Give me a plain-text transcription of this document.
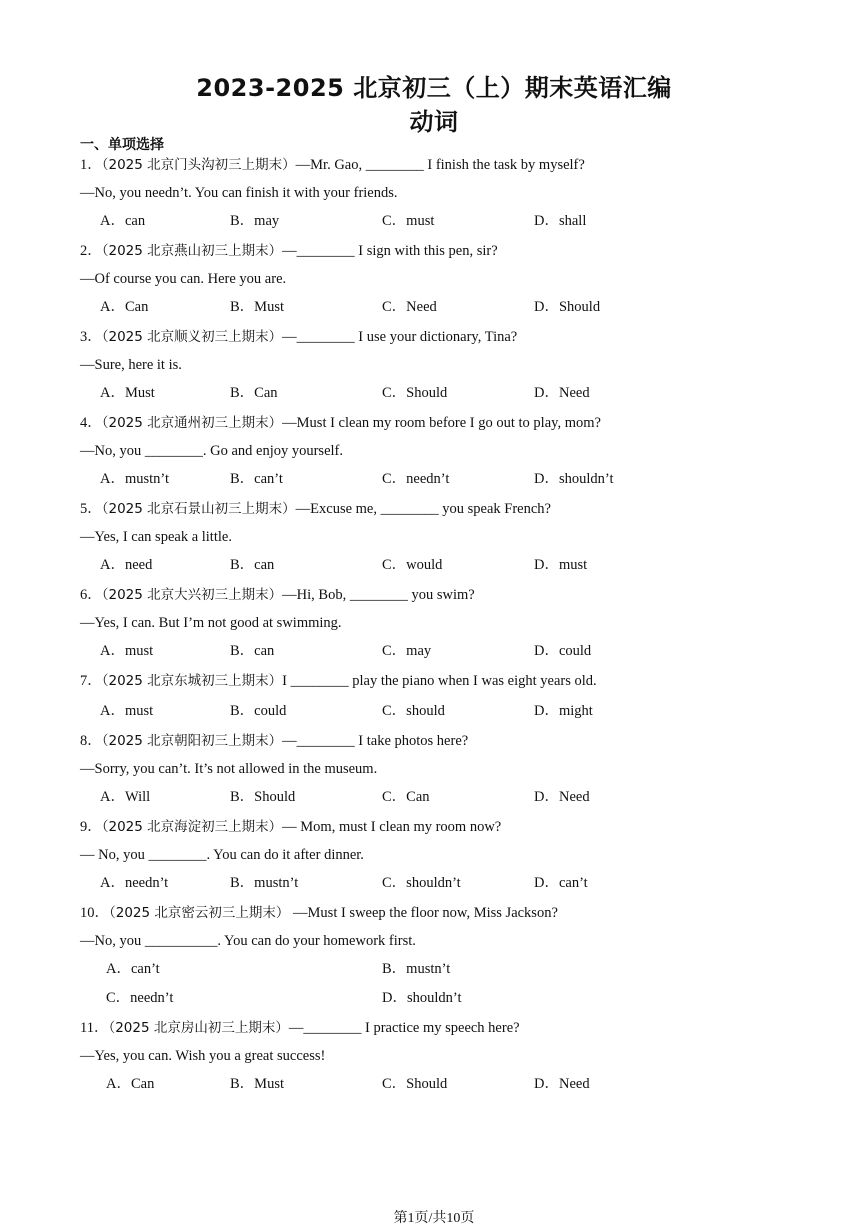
2023-2025 北京初三（上）期末英语汇编
动词
一、单项选择
1．（2025 北京门头沟初三上期末）—Mr. Gao, ________ I finish the task by myself?
—No, you needn’t. You can finish it with your friends.
A．can	B．may	C．must	D．shall
2．（2025 北京燕山初三上期末）—________ I sign with this pen, sir?
—Of course you can. Here you are.
A．Can	B．Must	C．Need	D．Should
3．（2025 北京顺义初三上期末）—________ I use your dictionary, Tina?
—Sure, here it is.
A．Must	B．Can	C．Should	D．Need
4．（2025 北京通州初三上期末）—Must I clean my room before I go out to play, mom?
—No, you ________. Go and enjoy yourself.
A．mustn’t	B．can’t	C．needn’t	D．shouldn’t
5．（2025 北京石景山初三上期末）—Excuse me, ________ you speak French?
—Yes, I can speak a little.
A．need	B．can	C．would	D．must
6．（2025 北京大兴初三上期末）—Hi, Bob, ________ you swim?
—Yes, I can. But I’m not good at swimming.
A．must	B．can	C．may	D．could
7．（2025 北京东城初三上期末）I ________ play the piano when I was eight years old.
A．must	B．could	C．should	D．might
8．（2025 北京朝阳初三上期末）—________ I take photos here?
—Sorry, you can’t. It’s not allowed in the museum.
A．Will	B．Should	C．Can	D．Need
9．（2025 北京海淀初三上期末）— Mom, must I clean my room now?
— No, you ________. You can do it after dinner.
A．needn’t	B．mustn’t	C．shouldn’t	D．can’t
10．（2025 北京密云初三上期末） —Must I sweep the floor now, Miss Jackson?
—No, you __________. You can do your homework first.
A．can’t	B．mustn’t
C．needn’t	D．shouldn’t
11．（2025 北京房山初三上期末）—________ I practice my speech here?
—Yes, you can. Wish you a great success!
A．Can	B．Must	C．Should	D．Need
第1页/共10页
